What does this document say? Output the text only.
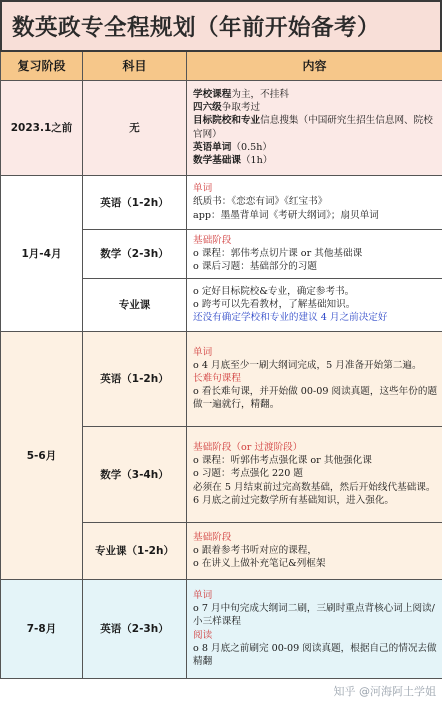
数英政专全程规划（年前开始备考）
复习阶段	科目	内容
2023.1之前	无	学校课程为主，不挂科
四六级争取考过
目标院校和专业信息搜集（中国研究生招生信息网、院校官网）
英语单词（0.5h）
数学基础课（1h）

1月-4月	英语（1-2h）	单词
纸质书：《恋恋有词》《红宝书》
app：墨墨背单词《考研大纲词》；扇贝单词

	数学（2-3h）	基础阶段
o 课程：郭伟考点切片课 or 其他基础课
o 课后习题：基础部分的习题

	专业课	o 定好目标院校&专业，确定参考书。
o 跨考可以先看教材，了解基础知识。
还没有确定学校和专业的建议 4 月之前决定好

5-6月	英语（1-2h）	单词
o 4 月底至少一刷大纲词完成，5 月准备开始第二遍。
长难句课程
o 看长难句课，并开始做 00-09 阅读真题，这些年份的题做一遍就行，精翻。

	数学（3-4h）	基础阶段（or 过渡阶段）
o 课程：听郭伟考点强化课 or 其他强化课
o 习题：考点强化 220 题
必须在 5 月结束前过完高数基础，然后开始线代基础课。
6 月底之前过完数学所有基础知识，进入强化。

	专业课（1-2h）	基础阶段
o 跟着参考书听对应的课程，
o 在讲义上做补充笔记&列框架

7-8月	英语（2-3h）	单词
o 7 月中旬完成大纲词二刷，三刷时重点背核心词上阅读/小三样课程
阅读
o 8 月底之前刷完 00-09 阅读真题，根据自己的情况去做精翻
知乎 @河海阿土学姐
